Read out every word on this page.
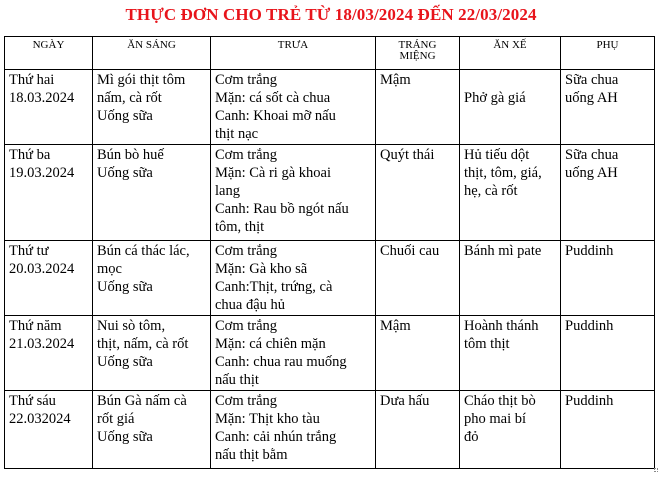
THỰC ĐƠN CHO TRẺ TỪ 18/03/2024 ĐẾN 22/03/2024
NGÀY	ĂN SÁNG	TRƯA	TRÁNG MIỆNG	ĂN XẾ	PHỤ

Thứ hai
18.03.2024	Mì gói thịt tôm
nấm, cà rốt
Uống sữa	Cơm trắng
Mặn: cá sốt cà chua
Canh: Khoai mỡ nấu
thịt nạc	Mậm	Phở gà giá	Sữa chua
uống AH

Thứ ba
19.03.2024	Bún bò huế
Uống sữa	Cơm trắng
Mặn: Cà ri gà khoai
lang
Canh: Rau bồ ngót nấu
tôm, thịt	Quýt thái	Hủ tiếu dột
thịt, tôm, giá,
hẹ, cà rốt	Sữa chua
uống AH

Thứ tư
20.03.2024	Bún cá thác lác,
mọc
Uống sữa	Cơm trắng
Mặn: Gà kho sã
Canh:Thịt, trứng, cà
chua đậu hủ	Chuối cau	Bánh mì pate	Puddinh

Thứ năm
21.03.2024	Nui sò tôm,
thịt, nấm, cà rốt
Uống sữa	Cơm trắng
Mặn: cá chiên mặn
Canh: chua rau muống
nấu thịt	Mậm	Hoành thánh
tôm thịt	Puddinh

Thứ sáu
22.032024	Bún Gà nấm cà
rốt giá
Uống sữa	Cơm trắng
Mặn: Thịt kho tàu
Canh: cải nhún trắng
nấu thịt bằm	Dưa hấu	Cháo thịt bò
pho mai bí
đỏ	Puddinh
